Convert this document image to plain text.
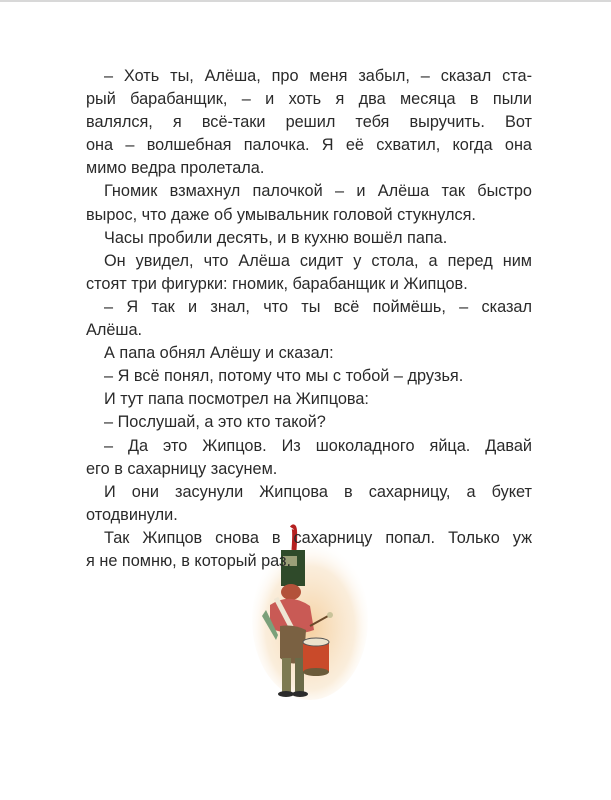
– Хоть ты, Алёша, про меня забыл, – сказал ста-
рый барабанщик, – и хоть я два месяца в пыли
валялся, я всё-таки решил тебя выручить. Вот
она – волшебная палочка. Я её схватил, когда она
мимо ведра пролетала.
Гномик взмахнул палочкой – и Алёша так быстро
вырос, что даже об умывальник головой стукнулся.
Часы пробили десять, и в кухню вошёл папа.
Он увидел, что Алёша сидит у стола, а перед ним
стоят три фигурки: гномик, барабанщик и Жипцов.
– Я так и знал, что ты всё поймёшь, – сказал
Алёша.
А папа обнял Алёшу и сказал:
– Я всё понял, потому что мы с тобой – друзья.
И тут папа посмотрел на Жипцова:
– Послушай, а это кто такой?
– Да это Жипцов. Из шоколадного яйца. Давай
его в сахарницу засунем.
И они засунули Жипцова в сахарницу, а букет
отодвинули.
Так Жипцов снова в сахарницу попал. Только уж
я не помню, в который раз.
